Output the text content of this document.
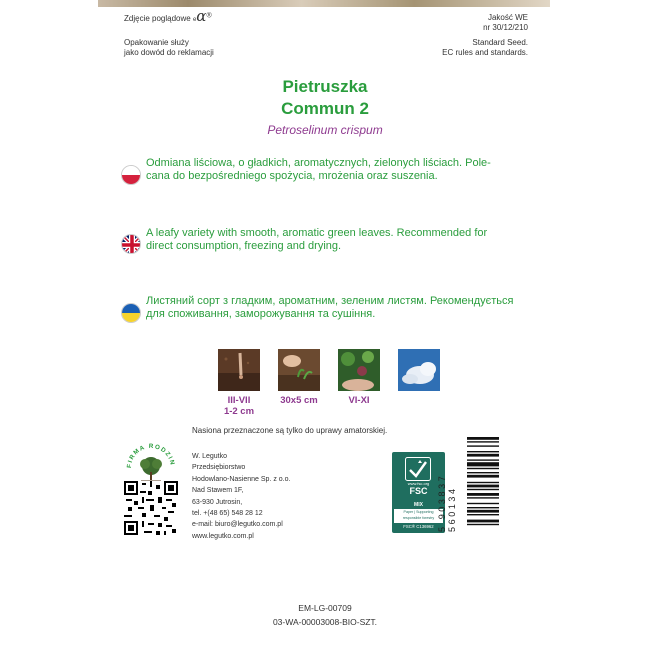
Zdjęcie poglądowe eα®	Jakość WE
nr 30/12/210
Opakowanie służy
jako dowód do reklamacji
Standard Seed.
EC rules and standards.
Pietruszka
Commun 2
Petroselinum crispum
Odmiana liściowa, o gładkich, aromatycznych, zielonych liściach. Pole-
cana do bezpośredniego spożycia, mrożenia oraz suszenia.
A leafy variety with smooth, aromatic green leaves. Recommended for
direct consumption, freezing and drying.
Листяний сорт з гладким, ароматним, зеленим листям. Рекомендується
для споживання, заморожування та сушіння.
III-VII
1-2 cm
30x5 cm	VI-XI
Nasiona przeznaczone są tylko do uprawy amatorskiej.
FIRMA RODZIN
W. Legutko
Przedsiębiorstwo
Hodowlano-Nasienne Sp. z o.o.
Nad Stawem 1F,
63-930 Jutrosin,
tel. +(48 65) 548 28 12
e-mail: biuro@legutko.com.pl
www.legutko.com.pl
www.fsc.org
FSC
MIX
Paper | Supporting
responsible forestry
FSC® C136962 5 903837 560134
EM-LG-00709
03-WA-00003008-BIO-SZT.
